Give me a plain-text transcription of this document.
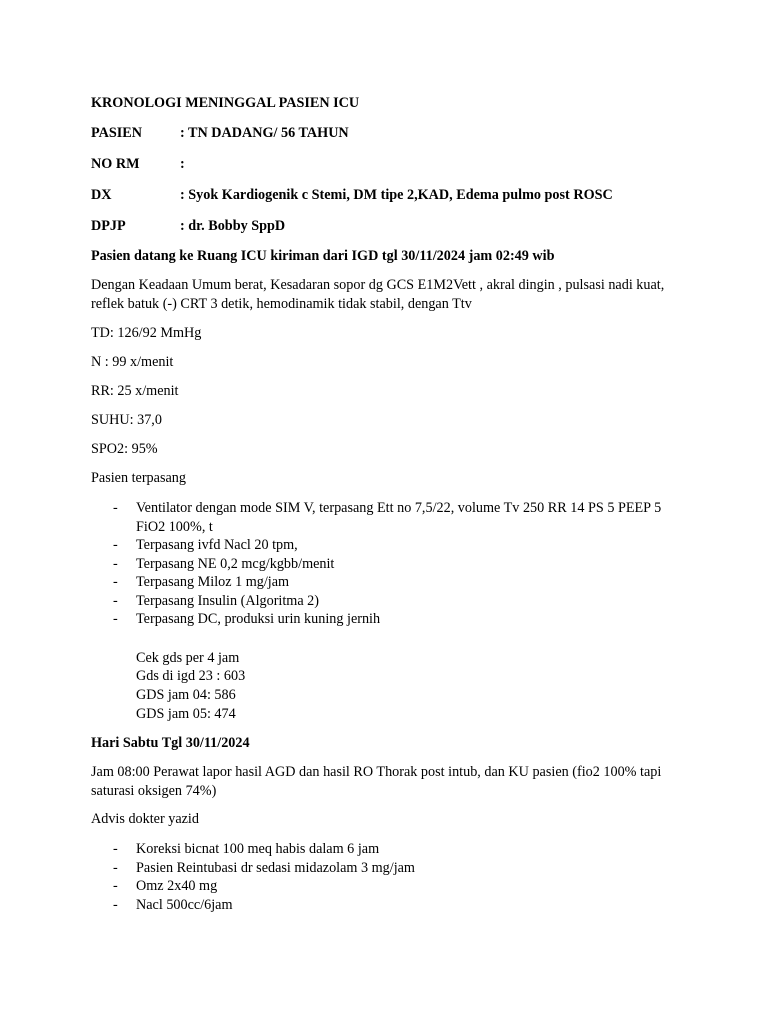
KRONOLOGI MENINGGAL PASIEN ICU
PASIEN	: TN DADANG/ 56 TAHUN
NO RM	:
DX	: Syok Kardiogenik c Stemi, DM tipe 2,KAD, Edema pulmo post ROSC
DPJP	: dr. Bobby SppD
Pasien datang ke Ruang ICU kiriman dari IGD tgl 30/11/2024 jam 02:49 wib

Dengan Keadaan Umum berat, Kesadaran sopor dg GCS E1M2Vett , akral dingin , pulsasi nadi kuat, reflek batuk (-) CRT 3 detik, hemodinamik tidak stabil, dengan Ttv

TD: 126/92 MmHg
N : 99 x/menit
RR: 25 x/menit
SUHU: 37,0
SPO2: 95%
Pasien terpasang
- Ventilator dengan mode SIM V, terpasang Ett no 7,5/22, volume Tv 250 RR 14 PS 5 PEEP 5 FiO2 100%, t
- Terpasang ivfd Nacl 20 tpm,
- Terpasang NE 0,2 mcg/kgbb/menit
- Terpasang Miloz 1 mg/jam
- Terpasang Insulin (Algoritma 2)
- Terpasang DC, produksi urin kuning jernih
Cek gds per 4 jam
Gds di igd 23 : 603
GDS jam 04: 586
GDS jam 05: 474
Hari Sabtu Tgl 30/11/2024

Jam 08:00 Perawat lapor hasil AGD dan hasil RO Thorak post intub, dan KU pasien (fio2 100% tapi saturasi oksigen 74%)

Advis dokter yazid
- Koreksi bicnat 100 meq habis dalam 6 jam
- Pasien Reintubasi dr sedasi midazolam 3 mg/jam
- Omz 2x40 mg
- Nacl 500cc/6jam
